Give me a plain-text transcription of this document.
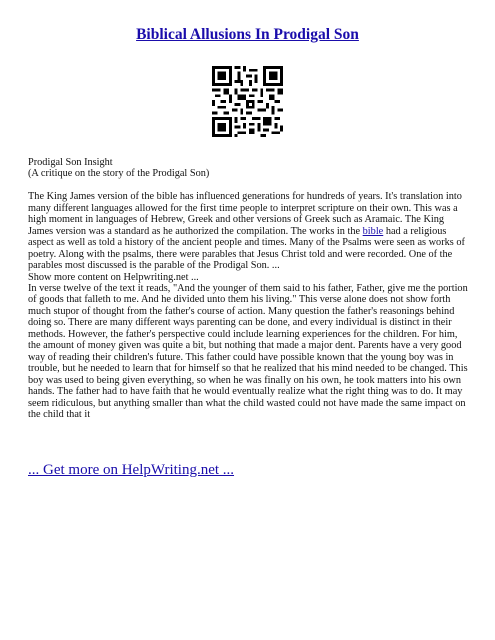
Biblical Allusions In Prodigal Son

Prodigal Son Insight

(A critique on the story of the Prodigal Son)

The King James version of the bible has influenced generations for hundreds of years. It's translation into many different languages allowed for the first time people to interpret scripture on their own. This was a high moment in languages of Hebrew, Greek and other versions of Greek such as Aramaic. The King James version was a standard as he authorized the compilation. The works in the bible had a religious aspect as well as told a history of the ancient people and times. Many of the Psalms were seen as works of poetry. Along with the psalms, there were parables that Jesus Christ told and were recorded. One of the parables most discussed is the parable of the Prodigal Son. ...

Show more content on Helpwriting.net ...

In verse twelve of the text it reads, "And the younger of them said to his father, Father, give me the portion of goods that falleth to me. And he divided unto them his living." This verse alone does not show forth much stupor of thought from the father's course of action. Many question the father's reasonings behind doing so. There are many different ways parenting can be done, and every individual is distinct in their methods. However, the father's perspective could include learning experiences for the children. For him, the amount of money given was quite a bit, but nothing that made a major dent. Parents have a very good way of reading their children's future. This father could have possible known that the young boy was in trouble, but he needed to learn that for himself so that he realized that his mind needed to be changed. This boy was used to being given everything, so when he was finally on his own, he took matters into his own hands. The father had to have faith that he would eventually realize what the right thing was to do. It may seem ridiculous, but anything smaller than what the child wasted could not have made the same impact on the child that it

... Get more on HelpWriting.net ...
